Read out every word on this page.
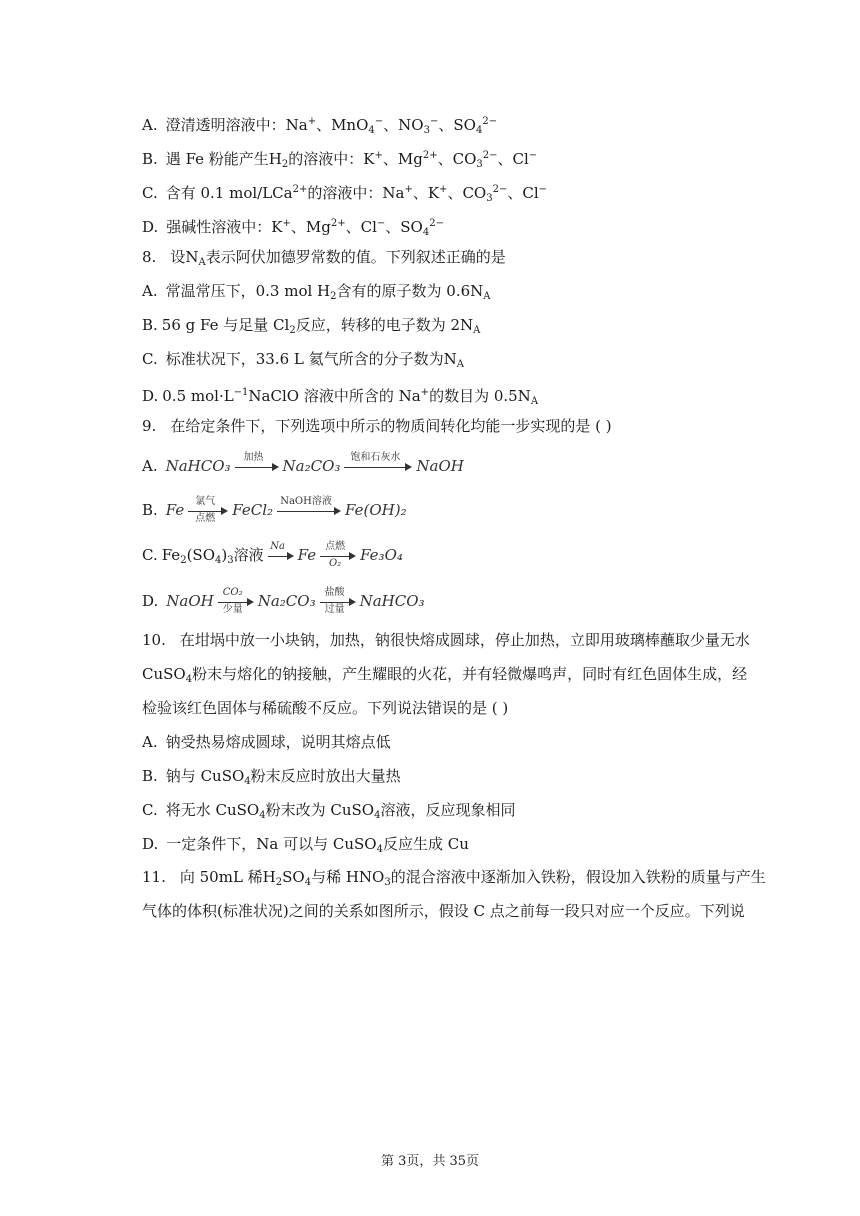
A. 澄清透明溶液中：Na+、MnO$_4$−、$NO_3^-$、$SO_4^{2-}$
B. 遇 Fe 粉能产生$H_2$的溶液中：K+、$Mg^{2+}$、$CO_3^{2-}$、Cl−
C. 含有 0.1 mol/LCa$^{2+}$的溶液中：Na+、K+、$CO_3^{2-}$、Cl−
D. 强碱性溶液中：K+、$Mg^{2+}$、Cl−、$SO_4^{2-}$
8. 设$N_A$表示阿伏加德罗常数的值。下列叙述正确的是
A. 常温常压下，0.3 mol $H_2$含有的原子数为 $0.6N_A$
B. 56 g Fe 与足量 $Cl_2$反应，转移的电子数为 $2N_A$
C. 标准状况下，33.6 L 氦气所含的分子数为$N_A$
D. 0.5 $mol\cdot L^{-1}NaClO$ 溶液中所含的 Na+的数目为 $0.5N_A$
9. 在给定条件下，下列选项中所示的物质间转化均能一步实现的是 ( )
A. NaHCO₃	加热	Na₂CO₃	饱和石灰水	NaOH
B. Fe	氯气
点燃	FeCl₂ NaOH溶液 Fe(OH)₂
C. $Fe_2(SO_4)_3$溶液 Na Fe 点燃
O₂	Fe₃O₄
D. NaOH CO₂
少量	Na₂CO₃ 盐酸
过量	NaHCO₃
10. 在坩埚中放一小块钠，加热，钠很快熔成圆球，停止加热，立即用玻璃棒蘸取少量无水
CuSO$_4$粉末与熔化的钠接触，产生耀眼的火花，并有轻微爆鸣声，同时有红色固体生成，经
检验该红色固体与稀硫酸不反应。下列说法错误的是 ( )
A. 钠受热易熔成圆球，说明其熔点低
B. 钠与 CuSO$_4$粉末反应时放出大量热
C. 将无水 CuSO$_4$粉末改为 CuSO$_4$溶液，反应现象相同
D. 一定条件下，Na 可以与 CuSO$_4$反应生成 Cu
11. 向 50mL 稀$H_2SO_4$与稀 $HNO_3$的混合溶液中逐渐加入铁粉，假设加入铁粉的质量与产生
气体的体积(标准状况)之间的关系如图所示，假设 C 点之前每一段只对应一个反应。下列说
第 3页，共 35页
